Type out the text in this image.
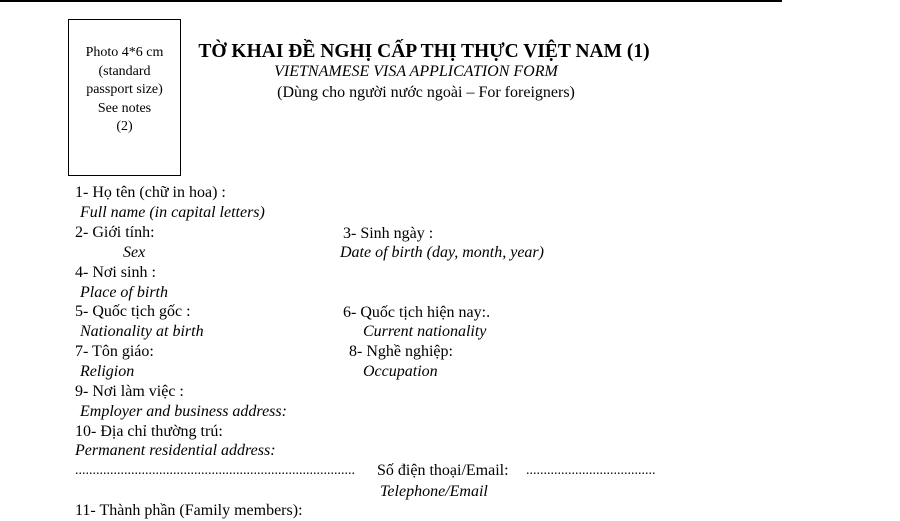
Photo 4*6 cm
(standard
passport size)
See notes
(2)
TỜ KHAI ĐỀ NGHỊ CẤP THỊ THỰC VIỆT NAM (1)
VIETNAMESE VISA APPLICATION FORM
(Dùng cho người nước ngoài – For foreigners)
1- Họ tên (chữ in hoa) :
Full name (in capital letters)
2- Giới tính:
Sex
3- Sinh ngày :
Date of birth (day, month, year)
4- Nơi sinh :
Place of birth
5- Quốc tịch gốc :
Nationality at birth
6- Quốc tịch hiện nay:.
Current nationality
7- Tôn giáo:
Religion
8- Nghề nghiệp:
Occupation
9- Nơi làm việc :
Employer and business address:
10- Địa chỉ thường trú:
Permanent residential address:
................................................................................	Số điện thoại/Email: .....................................
Telephone/Email
11- Thành phần (Family members):
